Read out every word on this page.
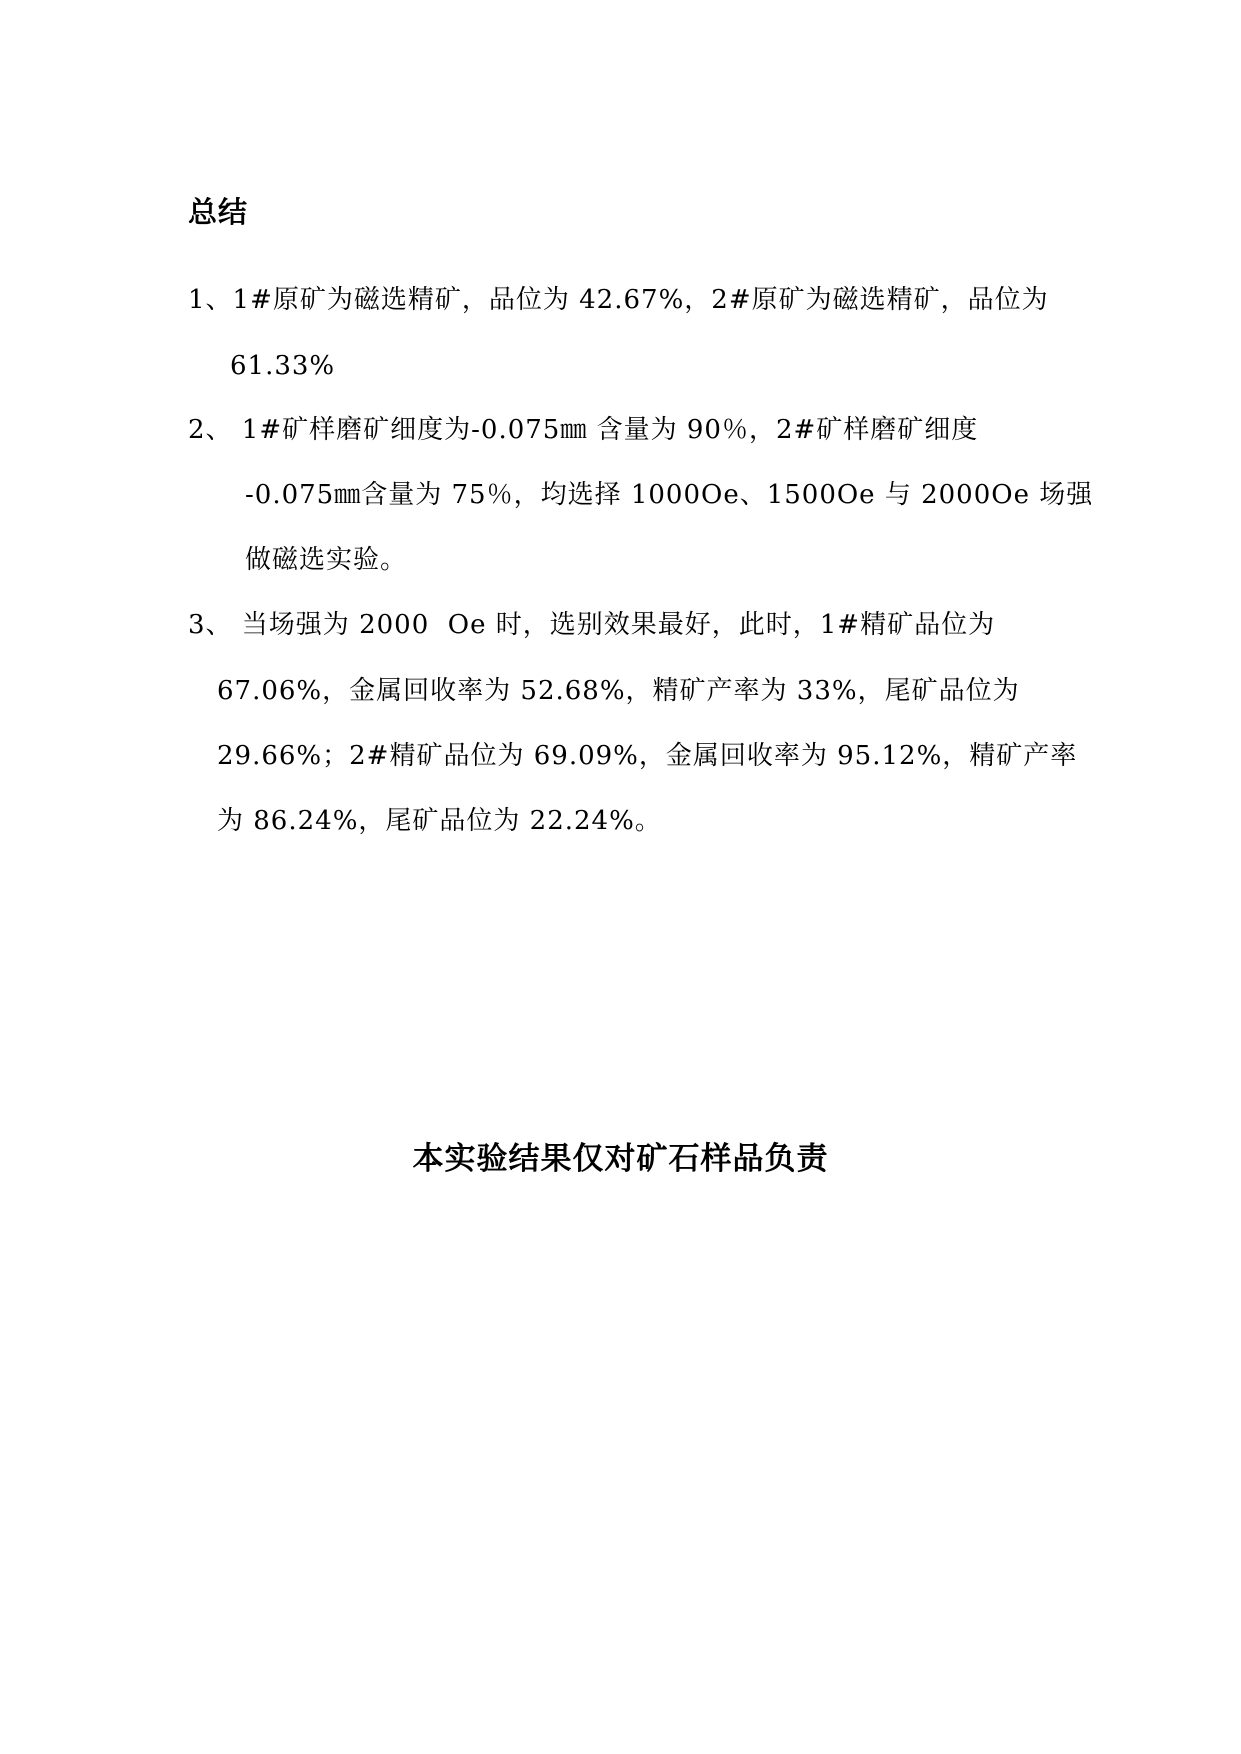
总结
1、1#原矿为磁选精矿，品位为 42.67%，2#原矿为磁选精矿，品位为
61.33%
2、 1#矿样磨矿细度为-0.075㎜ 含量为 90％，2#矿样磨矿细度
-0.075㎜含量为 75％，均选择 1000Oe、1500Oe 与 2000Oe 场强
做磁选实验。
3、 当场强为 2000  Oe 时，选别效果最好，此时，1#精矿品位为
67.06%，金属回收率为 52.68%，精矿产率为 33%，尾矿品位为
29.66%；2#精矿品位为 69.09%，金属回收率为 95.12%，精矿产率
为 86.24%，尾矿品位为 22.24%。
本实验结果仅对矿石样品负责
